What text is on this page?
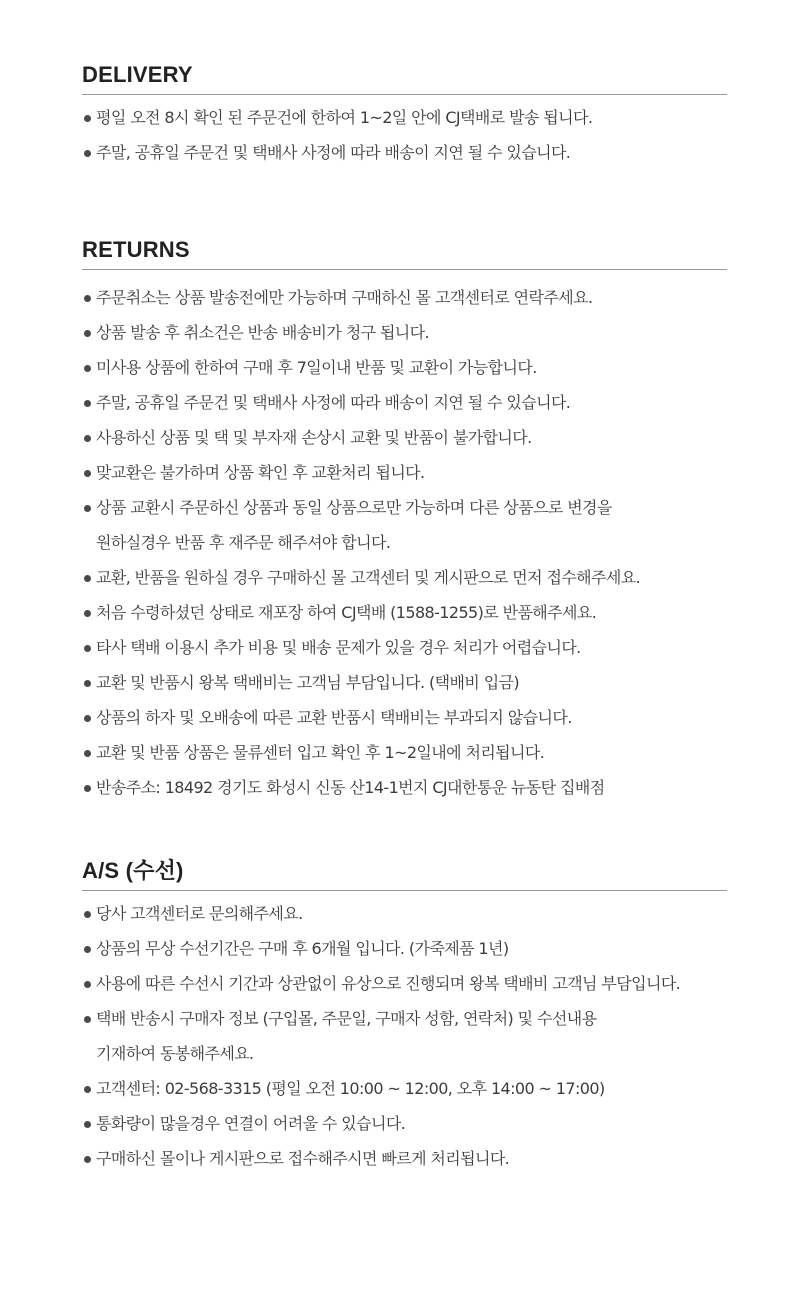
DELIVERY
평일 오전 8시 확인 된 주문건에 한하여 1~2일 안에 CJ택배로 발송 됩니다.
주말, 공휴일 주문건 및 택배사 사정에 따라 배송이 지연 될 수 있습니다.
RETURNS
주문취소는 상품 발송전에만 가능하며 구매하신 몰 고객센터로 연락주세요.
상품 발송 후 취소건은 반송 배송비가 청구 됩니다.
미사용 상품에 한하여 구매 후 7일이내 반품 및 교환이 가능합니다.
주말, 공휴일 주문건 및 택배사 사정에 따라 배송이 지연 될 수 있습니다.
사용하신 상품 및 택 및 부자재 손상시 교환 및 반품이 불가합니다.
맞교환은 불가하며 상품 확인 후 교환처리 됩니다.
상품 교환시 주문하신 상품과 동일 상품으로만 가능하며 다른 상품으로 변경을
원하실경우 반품 후 재주문 해주셔야 합니다.
교환, 반품을 원하실 경우 구매하신 몰 고객센터 및 게시판으로 먼저 접수해주세요.
처음 수령하셨던 상태로 재포장 하여 CJ택배 (1588-1255)로 반품해주세요.
타사 택배 이용시 추가 비용 및 배송 문제가 있을 경우 처리가 어렵습니다.
교환 및 반품시 왕복 택배비는 고객님 부담입니다. (택배비 입금)
상품의 하자 및 오배송에 따른 교환 반품시 택배비는 부과되지 않습니다.
교환 및 반품 상품은 물류센터 입고 확인 후 1~2일내에 처리됩니다.
반송주소: 18492 경기도 화성시 신동 산14-1번지 CJ대한통운 뉴동탄 집배점
A/S (수선)
당사 고객센터로 문의해주세요.
상품의 무상 수선기간은 구매 후 6개월 입니다. (가죽제품 1년)
사용에 따른 수선시 기간과 상관없이 유상으로 진행되며 왕복 택배비 고객님 부담입니다.
택배 반송시 구매자 정보 (구입몰, 주문일, 구매자 성함, 연락처) 및 수선내용
기재하여 동봉해주세요.
고객센터: 02-568-3315 (평일 오전 10:00 ~ 12:00, 오후 14:00 ~ 17:00)
통화량이 많을경우 연결이 어려울 수 있습니다.
구매하신 몰이나 게시판으로 접수해주시면 빠르게 처리됩니다.
